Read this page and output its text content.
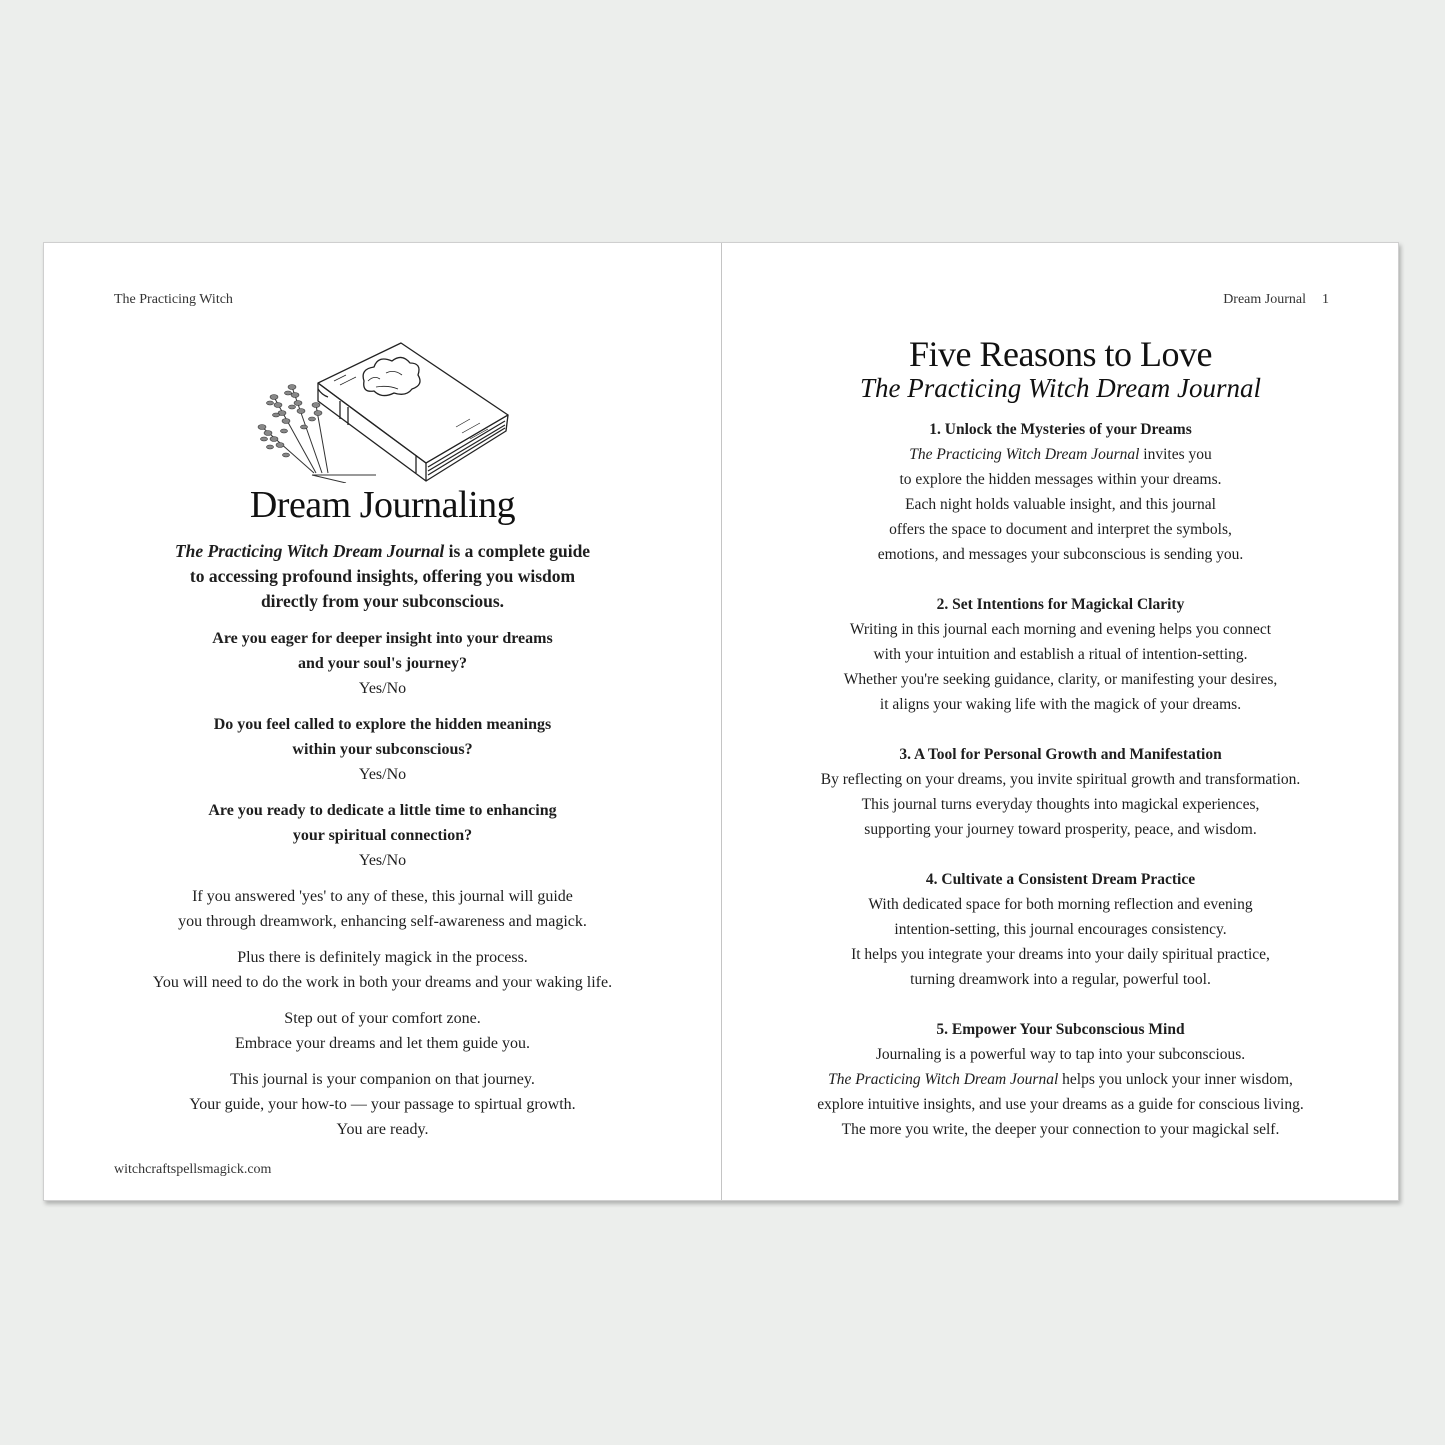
The Practicing Witch
Dream Journaling

The Practicing Witch Dream Journal is a complete guide
to accessing profound insights, offering you wisdom
directly from your subconscious.

Are you eager for deeper insight into your dreams
and your soul's journey?
Yes/No
Do you feel called to explore the hidden meanings
within your subconscious?
Yes/No
Are you ready to dedicate a little time to enhancing
your spiritual connection?
Yes/No
If you answered 'yes' to any of these, this journal will guide
you through dreamwork, enhancing self-awareness and magick.
Plus there is definitely magick in the process.
You will need to do the work in both your dreams and your waking life.
Step out of your comfort zone.
Embrace your dreams and let them guide you.
This journal is your companion on that journey.
Your guide, your how-to — your passage to spirtual growth.
You are ready.
witchcraftspellsmagick.com
Dream Journal 1
Five Reasons to Love
The Practicing Witch Dream Journal
1. Unlock the Mysteries of your Dreams
The Practicing Witch Dream Journal invites you
to explore the hidden messages within your dreams.
Each night holds valuable insight, and this journal
offers the space to document and interpret the symbols,
emotions, and messages your subconscious is sending you.
2. Set Intentions for Magickal Clarity
Writing in this journal each morning and evening helps you connect
with your intuition and establish a ritual of intention-setting.
Whether you're seeking guidance, clarity, or manifesting your desires,
it aligns your waking life with the magick of your dreams.
3. A Tool for Personal Growth and Manifestation
By reflecting on your dreams, you invite spiritual growth and transformation.
This journal turns everyday thoughts into magickal experiences,
supporting your journey toward prosperity, peace, and wisdom.
4. Cultivate a Consistent Dream Practice
With dedicated space for both morning reflection and evening
intention-setting, this journal encourages consistency.
It helps you integrate your dreams into your daily spiritual practice,
turning dreamwork into a regular, powerful tool.
5. Empower Your Subconscious Mind
Journaling is a powerful way to tap into your subconscious.
The Practicing Witch Dream Journal helps you unlock your inner wisdom,
explore intuitive insights, and use your dreams as a guide for conscious living.
The more you write, the deeper your connection to your magickal self.
